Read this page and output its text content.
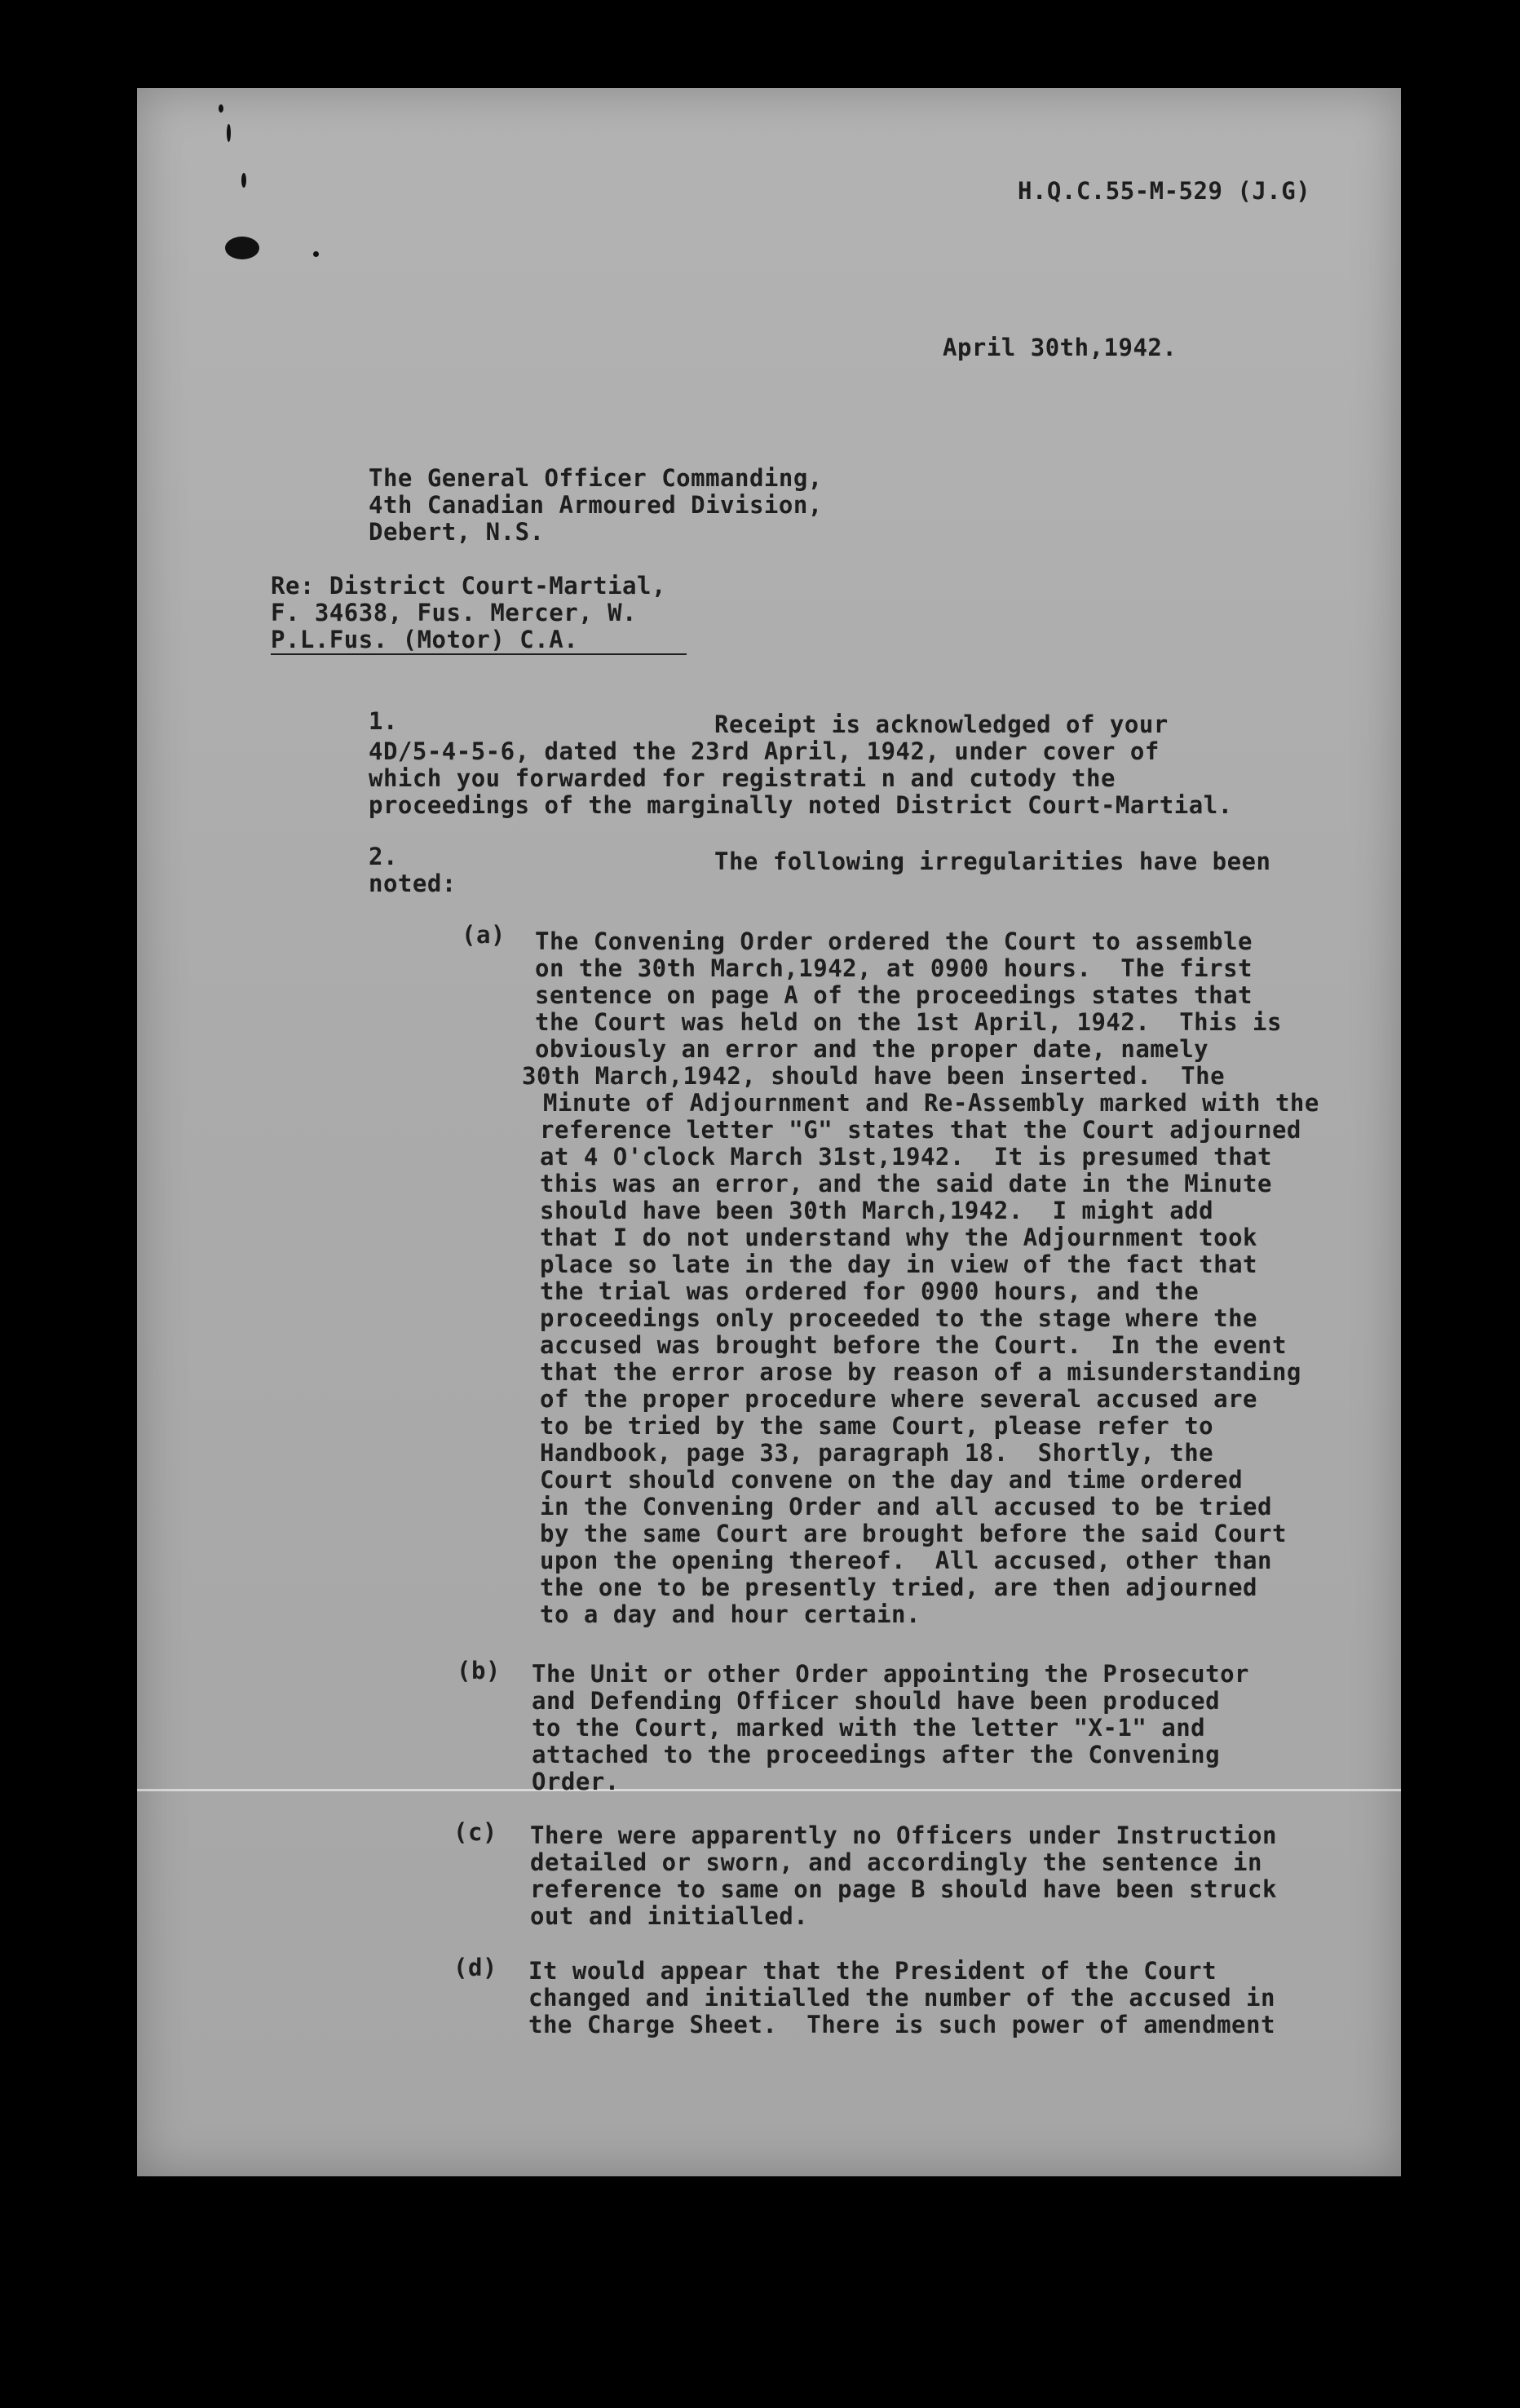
H.Q.C.55-M-529 (J.G)
April 30th,1942.
The General Officer Commanding,
4th Canadian Armoured Division,
Debert, N.S.
Re: District Court-Martial,
F. 34638, Fus. Mercer, W.
P.L.Fus. (Motor) C.A.
1.	Receipt is acknowledged of your
4D/5-4-5-6, dated the 23rd April, 1942, under cover of
which you forwarded for registrati n and cutody the
proceedings of the marginally noted District Court-Martial.
2.	The following irregularities have been
noted:
(a) The Convening Order ordered the Court to assemble
on the 30th March,1942, at 0900 hours.  The first
sentence on page A of the proceedings states that
the Court was held on the 1st April, 1942.  This is
obviously an error and the proper date, namely
30th March,1942, should have been inserted.  The
Minute of Adjournment and Re-Assembly marked with the
reference letter "G" states that the Court adjourned
at 4 O'clock March 31st,1942.  It is presumed that
this was an error, and the said date in the Minute
should have been 30th March,1942.  I might add
that I do not understand why the Adjournment took
place so late in the day in view of the fact that
the trial was ordered for 0900 hours, and the
proceedings only proceeded to the stage where the
accused was brought before the Court.  In the event
that the error arose by reason of a misunderstanding
of the proper procedure where several accused are
to be tried by the same Court, please refer to
Handbook, page 33, paragraph 18.  Shortly, the
Court should convene on the day and time ordered
in the Convening Order and all accused to be tried
by the same Court are brought before the said Court
upon the opening thereof.  All accused, other than
the one to be presently tried, are then adjourned
to a day and hour certain.
(b) The Unit or other Order appointing the Prosecutor
and Defending Officer should have been produced
to the Court, marked with the letter "X-1" and
attached to the proceedings after the Convening
Order.
(c) There were apparently no Officers under Instruction
detailed or sworn, and accordingly the sentence in
reference to same on page B should have been struck
out and initialled.
(d) It would appear that the President of the Court
changed and initialled the number of the accused in
the Charge Sheet.  There is such power of amendment
